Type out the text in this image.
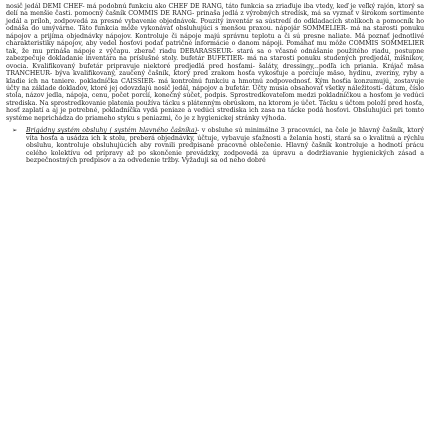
nosič jedál DEMI CHEF- má podobnú funkciu ako CHEF DE RANG, táto funkcia sa zriaďuje iba vtedy, keď je veľký rajón, ktorý sa delí na menšie časti. pomocný čašník COMMIS DE RANG- prinaša jedlá z výrobných stredísk, má sa vyznať v širokom sortimente jedál a príloh, zodpovedá za presné vybavenie objednávok. Pouzitý inventár sa sústredí do odkladacích stolíkoch a pomocník ho odnáša do umývárne. Táto funkcia môže vykonávať obsluhujúci s menšou praxou. nápojár SOMMELIER- má na starosti ponuku nápojov a prijíma objednávky nápojov. Kontroluje či nápoje majú správnu teplotu a či sú presne naliate. Má poznať jednotlivé charakteristiky nápojov, aby vedel hosťovi podať patričné informácie o danom nápoji. Pomáhať mu môže COMMIS SOMMELIER tak, že mu prináša nápoje z výčapu. zberač riadu DEBARASSEUR- stará sa o včasné odnášanie použitého riadu, postupne zabezpečuje dokladanie inventára na príslušné stoly. bufetár BUFETIER- má na starosti ponuku studených predjedál, míšnikov, ovocia. Kvalifikovaný bufetár pripravuje niektoré predjedlá pred hosťami- šaláty, dressingy,..podľa ich priania. Krájač mäsa TRANCHEUR- býva kvalifikovaný, zaučený čašník, ktorý pred zrakom hosťa vykosťuje a porciuje mäso, hydinu, zveriny, ryby a kladie ich na taniere. pokladníčka CAISSIER- má kontrolnú funkciu a hmotnú zodpovednosť. Kým hosťia konzumujú, zostavuje účty na základe dokladov, ktoré jej odovzdajú nosič jedál, nápojov a bufetár. Účty musia obsahovať všetky náležitosti- dátum, číslo stola, názov jedla, nápoja, cenu, počet porcií, konečný súčet, podpis. Sprostredkovateľom medzi pokladníčkou a hosťom je vedúci strediska. Na sprostredkovanie platenia používa tácku s plátenným obrúskom, na ktorom je účet. Tácku s účtom položí pred hosťa, hosť zaplatí a aj je potrebné, pokladníčka vydá peniaze a vedúci strediska ich zasa na tácke podá hosťovi. Obsluhujúci pri tomto systéme neprichádza do priameho styku s peniazmi, čo je z hygienickej stránky výhoda.

➢ Brigádny systém obsluhy ( systém hlavného čašníka)- v obsluhe sú minimálne 3 pracovníci, na čele je hlavný čašník, ktorý víta hosťa a usádza ich k stolu, preberá objednávky, účtuje, vybavuje sťažnosti a želania hosti, stará sa o kvalitnú a rýchlu obsluhu, kontroluje obsluhujúcich aby rovnili predpisané pracovné oblečenie. Hlavný čašník kontroluje a hodnotí prácu celého kolektívu od prípravy až po skončenie prevádzky, zodpovedá za úpravu a dodržiavanie hygienických zásad a bezpečnostných predpisov a za odvedenie tržby. Vyžaduji sa od neho dobré
